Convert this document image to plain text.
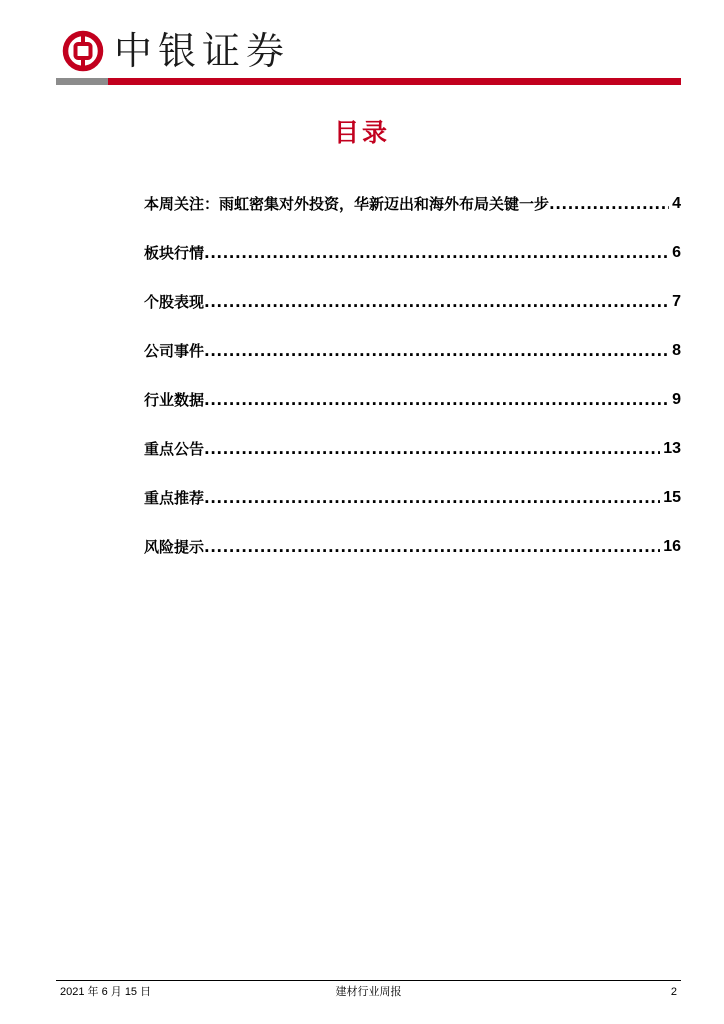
中银证券
目录
本周关注：雨虹密集对外投资，华新迈出和海外布局关键一步 .....	4
板块行情 .....	6
个股表现 .....	7
公司事件 .....	8
行业数据 .....	9
重点公告 .....	13
重点推荐 .....	15
风险提示 .....	16
2021 年 6 月 15 日	建材行业周报	2
